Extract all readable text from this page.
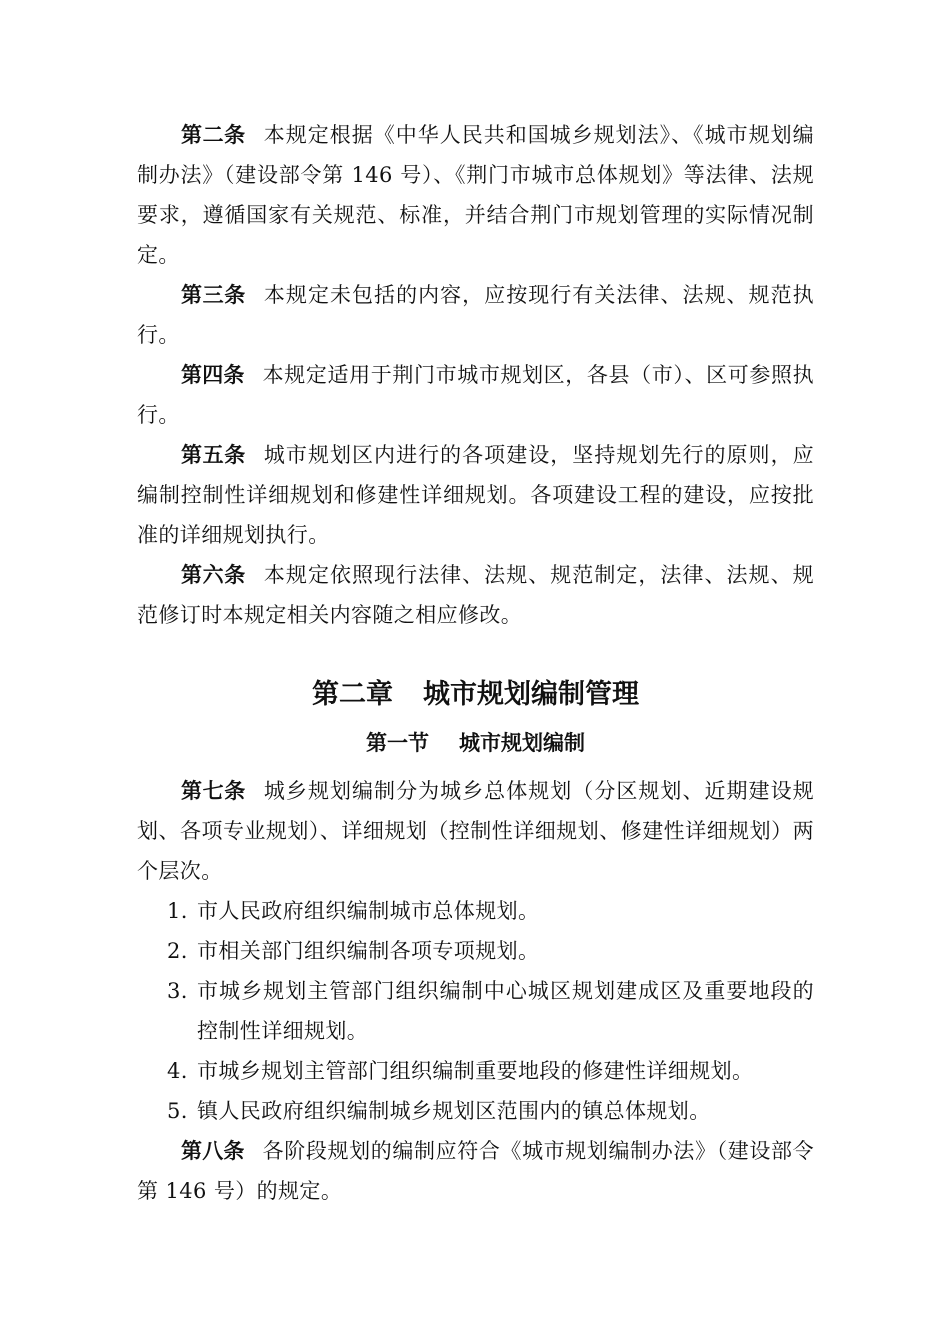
第二条 本规定根据《中华人民共和国城乡规划法》、《城市规划编制办法》（建设部令第 146 号）、《荆门市城市总体规划》等法律、法规要求，遵循国家有关规范、标准，并结合荆门市规划管理的实际情况制定。

第三条 本规定未包括的内容，应按现行有关法律、法规、规范执行。

第四条 本规定适用于荆门市城市规划区，各县（市）、区可参照执行。

第五条 城市规划区内进行的各项建设，坚持规划先行的原则，应编制控制性详细规划和修建性详细规划。各项建设工程的建设，应按批准的详细规划执行。

第六条 本规定依照现行法律、法规、规范制定，法律、法规、规范修订时本规定相关内容随之相应修改。

第二章 城市规划编制管理
第一节 城市规划编制

第七条 城乡规划编制分为城乡总体规划（分区规划、近期建设规划、各项专业规划）、详细规划（控制性详细规划、修建性详细规划）两个层次。

1. 市人民政府组织编制城市总体规划。
2. 市相关部门组织编制各项专项规划。
3. 市城乡规划主管部门组织编制中心城区规划建成区及重要地段的控制性详细规划。
4. 市城乡规划主管部门组织编制重要地段的修建性详细规划。
5. 镇人民政府组织编制城乡规划区范围内的镇总体规划。

第八条 各阶段规划的编制应符合《城市规划编制办法》（建设部令 第 146 号）的规定。
